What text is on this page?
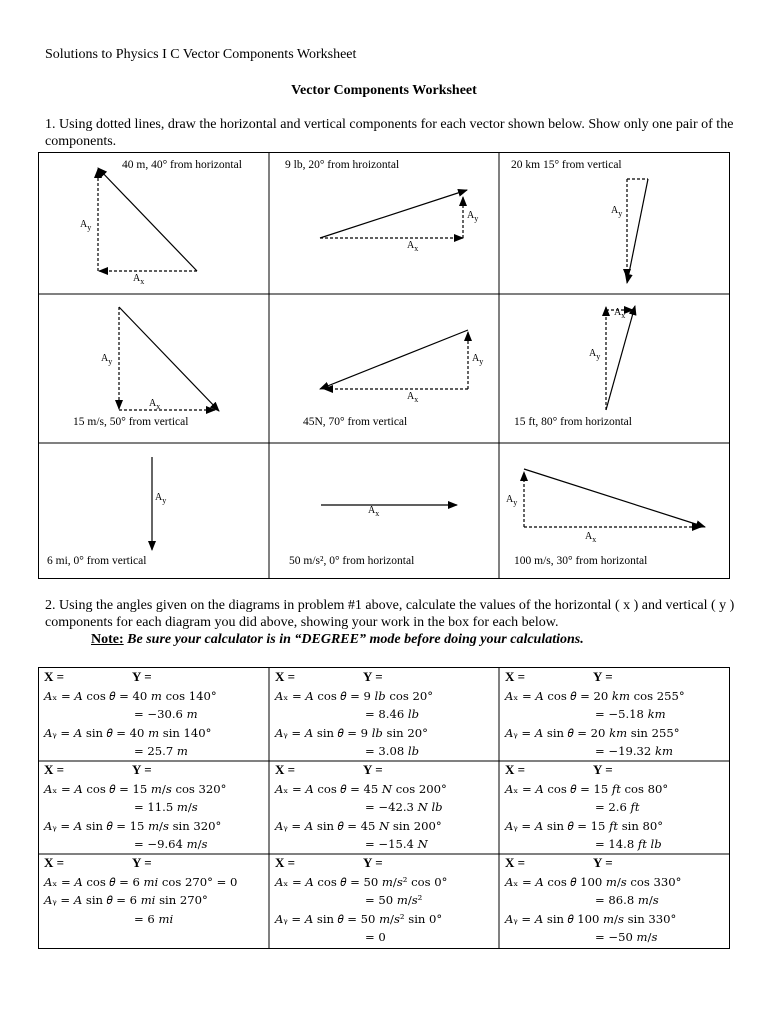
Solutions to Physics I C Vector Components Worksheet
Vector Components Worksheet
1. Using dotted lines, draw the horizontal and vertical components for each vector shown below. Show only one pair of the components.
40 m, 40° from horizontal	9 lb, 20° from hroizontal	20 km 15° from vertical
15 m/s, 50° from vertical	45N, 70° from vertical	15 ft, 80° from horizontal
6 mi, 0° from vertical	50 m/s², 0° from horizontal	100 m/s, 30° from horizontal
$A_y$
$A_x$
$A_y$
$A_x$
$A_y$
$A_y$
$A_x$
$A_y$
$A_x$
$A_y$
$A_x$
$A_y$
$A_x$
$A_y$
$A_x$
2. Using the angles given on the diagrams in problem #1 above, calculate the values of the horizontal ( x ) and vertical ( y ) components for each diagram you did above, showing your work in the box for each below.
Note: Be sure your calculator is in “DEGREE” mode before doing your calculations.
X =	Y =
𝐴ₓ = 𝐴 cos 𝜃 = 40 𝑚 cos 140°
= −30.6 𝑚
𝐴ᵧ = 𝐴 sin 𝜃 = 40 𝑚 sin 140°
= 25.7 𝑚
X =	Y =
𝐴ₓ = 𝐴 cos 𝜃 = 9 𝑙𝑏 cos 20°
= 8.46 𝑙𝑏
𝐴ᵧ = 𝐴 sin 𝜃 = 9 𝑙𝑏 sin 20°
= 3.08 𝑙𝑏
X =	Y =
𝐴ₓ = 𝐴 cos 𝜃 = 20 𝑘𝑚 cos 255°
= −5.18 𝑘𝑚
𝐴ᵧ = 𝐴 sin 𝜃 = 20 𝑘𝑚 sin 255°
= −19.32 𝑘𝑚
X =	Y =
𝐴ₓ = 𝐴 cos 𝜃 = 15 𝑚/𝑠 cos 320°
= 11.5 𝑚/𝑠
𝐴ᵧ = 𝐴 sin 𝜃 = 15 𝑚/𝑠 sin 320°
= −9.64 𝑚/𝑠
X =	Y =
𝐴ₓ = 𝐴 cos 𝜃 = 45 𝑁 cos 200°
= −42.3 𝑁 𝑙𝑏
𝐴ᵧ = 𝐴 sin 𝜃 = 45 𝑁 sin 200°
= −15.4 𝑁
X =	Y =
𝐴ₓ = 𝐴 cos 𝜃 = 15 𝑓𝑡 cos 80°
= 2.6 𝑓𝑡
𝐴ᵧ = 𝐴 sin 𝜃 = 15 𝑓𝑡 sin 80°
= 14.8 𝑓𝑡 𝑙𝑏
X =	Y =
𝐴ₓ = 𝐴 cos 𝜃 = 6 𝑚𝑖 cos 270° = 0
𝐴ᵧ = 𝐴 sin 𝜃 = 6 𝑚𝑖 sin 270°
= 6 𝑚𝑖
X =	Y =
𝐴ₓ = 𝐴 cos 𝜃 = 50 𝑚/𝑠² cos 0°
= 50 𝑚/𝑠²
𝐴ᵧ = 𝐴 sin 𝜃 = 50 𝑚/𝑠² sin 0°
= 0
X =	Y =
𝐴ₓ = 𝐴 cos 𝜃 100 𝑚/𝑠 cos 330°
= 86.8 𝑚/𝑠
𝐴ᵧ = 𝐴 sin 𝜃 100 𝑚/𝑠 sin 330°
= −50 𝑚/𝑠
